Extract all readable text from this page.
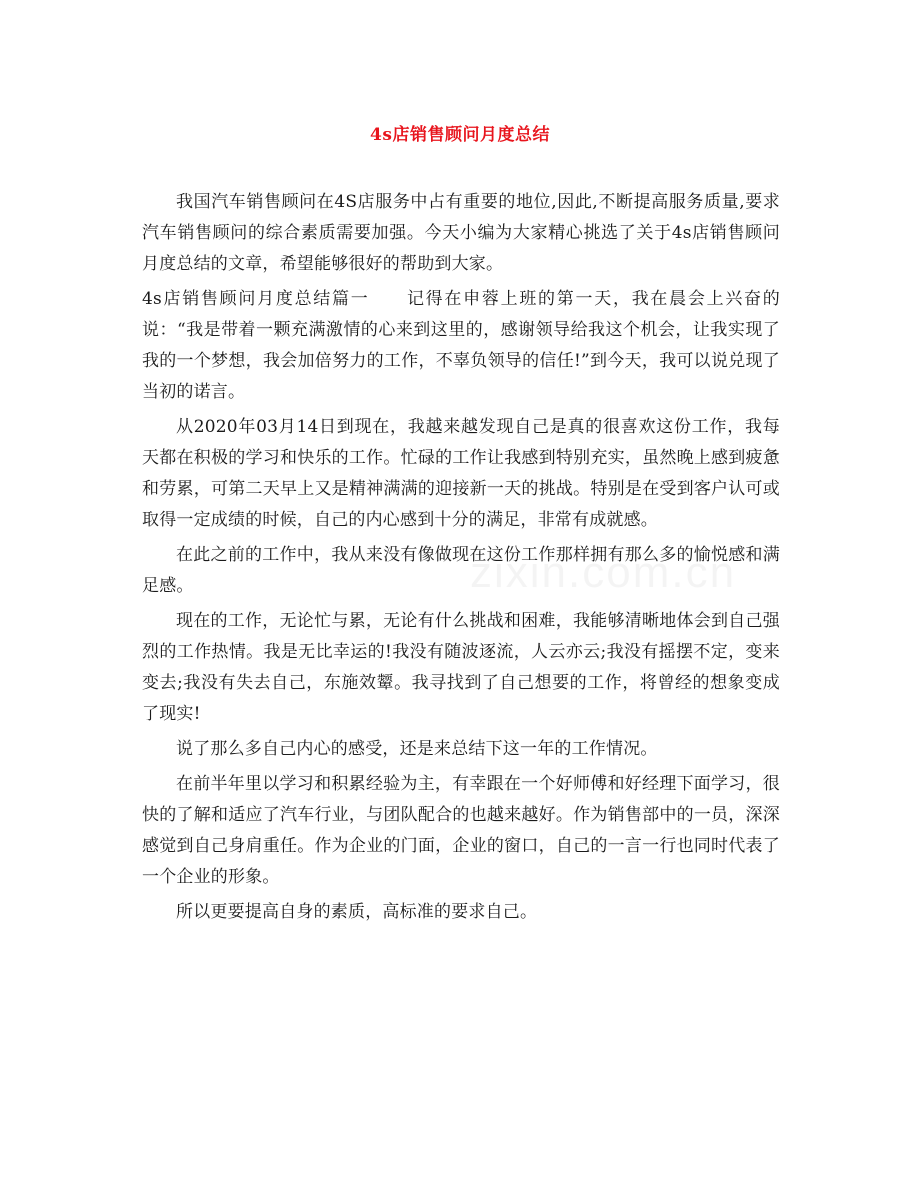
4s店销售顾问月度总结

我国汽车销售顾问在4S店服务中占有重要的地位,因此,不断提高服务质量,要求汽车销售顾问的综合素质需要加强。今天小编为大家精心挑选了关于4s店销售顾问月度总结的文章，希望能够很好的帮助到大家。

4s店销售顾问月度总结篇一　　记得在申蓉上班的第一天，我在晨会上兴奋的说：“我是带着一颗充满激情的心来到这里的，感谢领导给我这个机会，让我实现了我的一个梦想，我会加倍努力的工作，不辜负领导的信任!”到今天，我可以说兑现了当初的诺言。

从2020年03月14日到现在，我越来越发现自己是真的很喜欢这份工作，我每天都在积极的学习和快乐的工作。忙碌的工作让我感到特别充实，虽然晚上感到疲惫和劳累，可第二天早上又是精神满满的迎接新一天的挑战。特别是在受到客户认可或取得一定成绩的时候，自己的内心感到十分的满足，非常有成就感。

在此之前的工作中，我从来没有像做现在这份工作那样拥有那么多的愉悦感和满足感。

现在的工作，无论忙与累，无论有什么挑战和困难，我能够清晰地体会到自己强烈的工作热情。我是无比幸运的!我没有随波逐流，人云亦云;我没有摇摆不定，变来变去;我没有失去自己，东施效颦。我寻找到了自己想要的工作，将曾经的想象变成了现实!

说了那么多自己内心的感受，还是来总结下这一年的工作情况。

在前半年里以学习和积累经验为主，有幸跟在一个好师傅和好经理下面学习，很快的了解和适应了汽车行业，与团队配合的也越来越好。作为销售部中的一员，深深感觉到自己身肩重任。作为企业的门面，企业的窗口，自己的一言一行也同时代表了一个企业的形象。

所以更要提高自身的素质，高标准的要求自己。
